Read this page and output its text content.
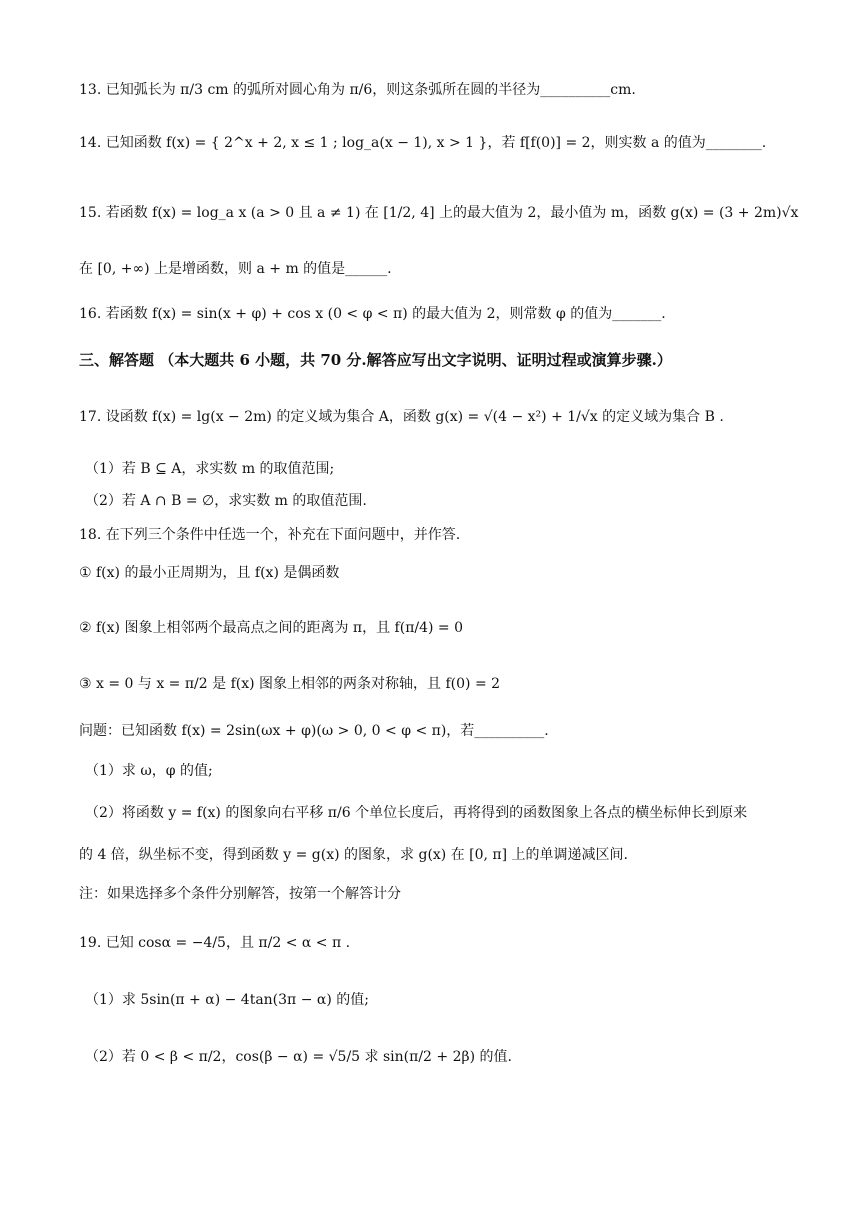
13. 已知弧长为 π/3 cm 的弧所对圆心角为 π/6，则这条弧所在圆的半径为__________cm.
14. 已知函数 f(x) = { 2^x + 2, x ≤ 1 ; log_a(x − 1), x > 1 }，若 f[f(0)] = 2，则实数 a 的值为________.
15. 若函数 f(x) = log_a x (a > 0 且 a ≠ 1) 在 [1/2, 4] 上的最大值为 2，最小值为 m，函数 g(x) = (3 + 2m)√x
在 [0, +∞) 上是增函数，则 a + m 的值是______.
16. 若函数 f(x) = sin(x + φ) + cos x (0 < φ < π) 的最大值为 2，则常数 φ 的值为_______.
三、解答题 （本大题共 6 小题，共 70 分.解答应写出文字说明、证明过程或演算步骤.）
17. 设函数 f(x) = lg(x − 2m) 的定义域为集合 A，函数 g(x) = √(4 − x²) + 1/√x 的定义域为集合 B .
（1）若 B ⊆ A，求实数 m 的取值范围;
（2）若 A ∩ B = ∅，求实数 m 的取值范围.
18. 在下列三个条件中任选一个，补充在下面问题中，并作答.
① f(x) 的最小正周期为，且 f(x) 是偶函数
② f(x) 图象上相邻两个最高点之间的距离为 π，且 f(π/4) = 0
③ x = 0 与 x = π/2 是 f(x) 图象上相邻的两条对称轴，且 f(0) = 2
问题：已知函数 f(x) = 2sin(ωx + φ)(ω > 0, 0 < φ < π)，若__________.
（1）求 ω，φ 的值;
（2）将函数 y = f(x) 的图象向右平移 π/6 个单位长度后，再将得到的函数图象上各点的横坐标伸长到原来
的 4 倍，纵坐标不变，得到函数 y = g(x) 的图象，求 g(x) 在 [0, π] 上的单调递减区间.
注：如果选择多个条件分别解答，按第一个解答计分
19. 已知 cosα = −4/5，且 π/2 < α < π .
（1）求 5sin(π + α) − 4tan(3π − α) 的值;
（2）若 0 < β < π/2，cos(β − α) = √5/5 求 sin(π/2 + 2β) 的值.
